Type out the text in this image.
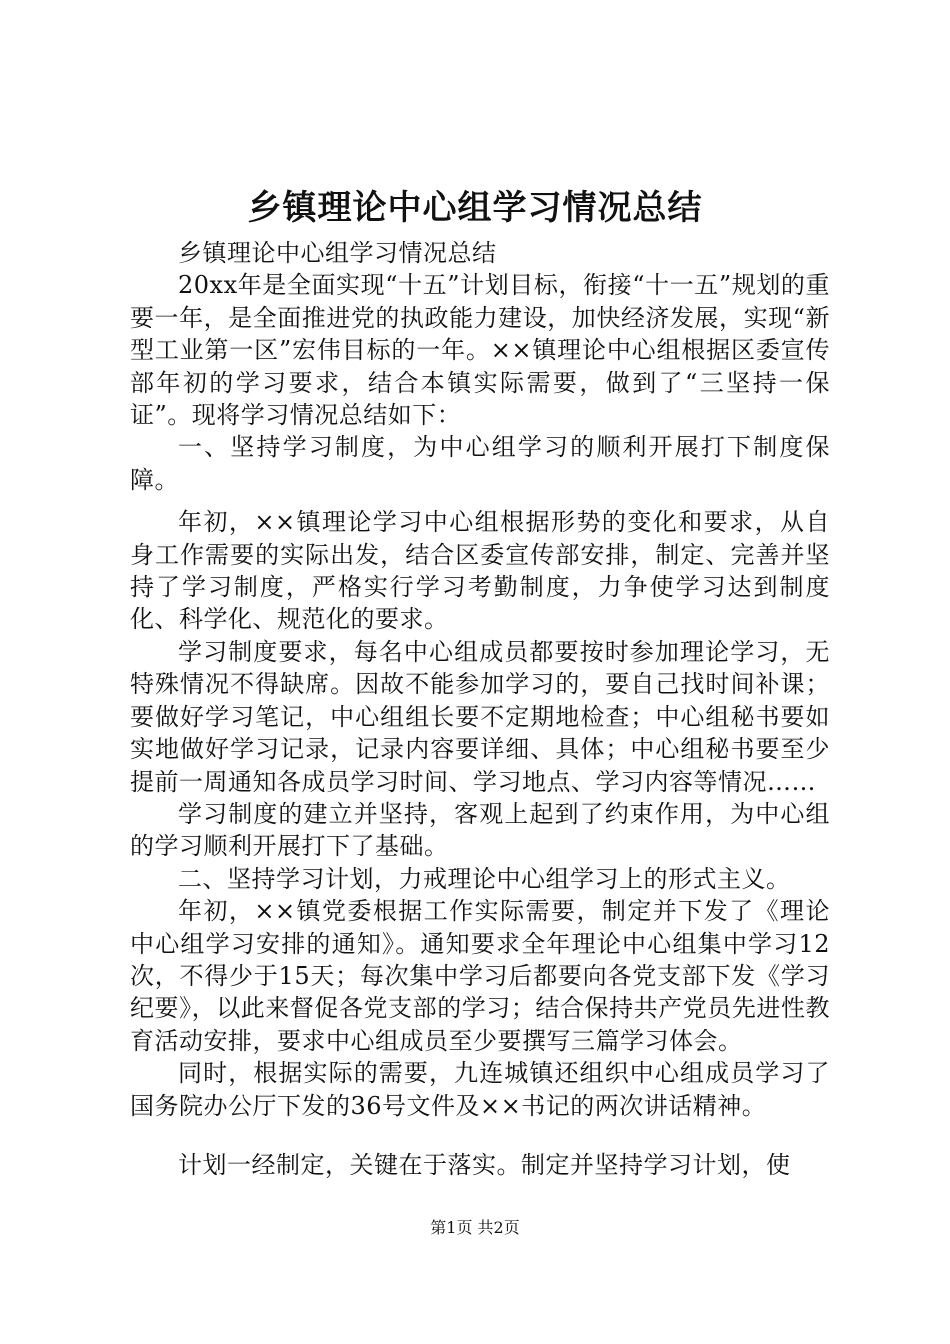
乡镇理论中心组学习情况总结

乡镇理论中心组学习情况总结

20xx年是全面实现“十五”计划目标，衔接“十一五”规划的重要一年，是全面推进党的执政能力建设，加快经济发展，实现“新型工业第一区”宏伟目标的一年。××镇理论中心组根据区委宣传部年初的学习要求，结合本镇实际需要，做到了“三坚持一保证”。现将学习情况总结如下：

一、坚持学习制度，为中心组学习的顺利开展打下制度保障。

年初，××镇理论学习中心组根据形势的变化和要求，从自身工作需要的实际出发，结合区委宣传部安排，制定、完善并坚持了学习制度，严格实行学习考勤制度，力争使学习达到制度化、科学化、规范化的要求。

学习制度要求，每名中心组成员都要按时参加理论学习，无特殊情况不得缺席。因故不能参加学习的，要自己找时间补课；要做好学习笔记，中心组组长要不定期地检查；中心组秘书要如实地做好学习记录，记录内容要详细、具体；中心组秘书要至少提前一周通知各成员学习时间、学习地点、学习内容等情况……

学习制度的建立并坚持，客观上起到了约束作用，为中心组的学习顺利开展打下了基础。

二、坚持学习计划，力戒理论中心组学习上的形式主义。

年初，××镇党委根据工作实际需要，制定并下发了《理论中心组学习安排的通知》。通知要求全年理论中心组集中学习12次，不得少于15天；每次集中学习后都要向各党支部下发《学习纪要》，以此来督促各党支部的学习；结合保持共产党员先进性教育活动安排，要求中心组成员至少要撰写三篇学习体会。

同时，根据实际的需要，九连城镇还组织中心组成员学习了国务院办公厅下发的36号文件及××书记的两次讲话精神。

计划一经制定，关键在于落实。制定并坚持学习计划，使

第1页 共2页
